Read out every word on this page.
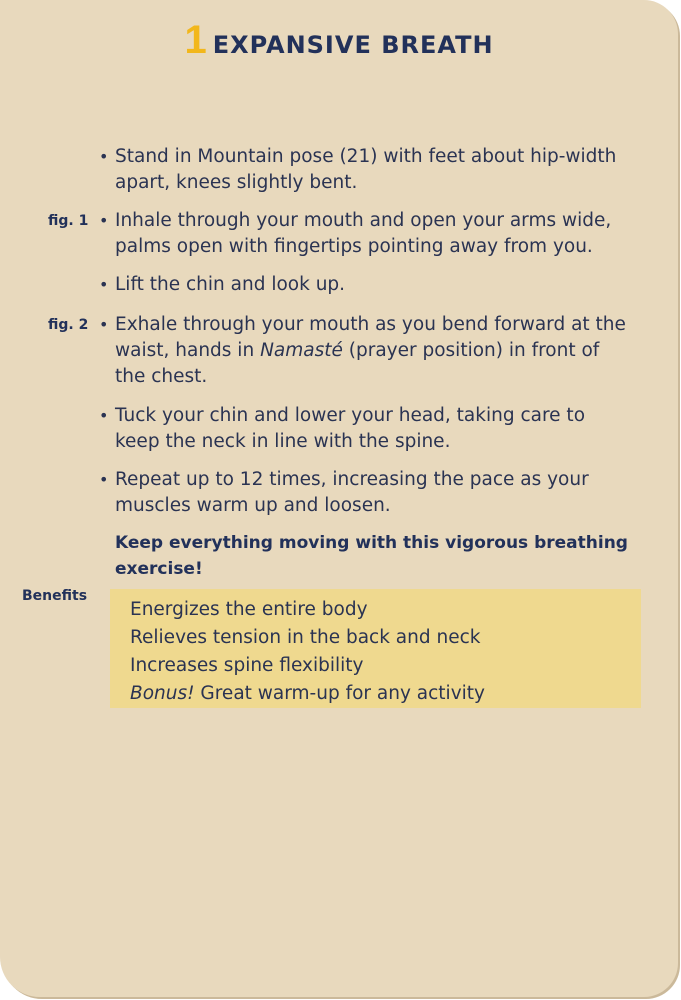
1 EXPANSIVE BREATH
• Stand in Mountain pose (21) with feet about hip-width apart, knees slightly bent.
fig. 1 • Inhale through your mouth and open your arms wide, palms open with fingertips pointing away from you.
• Lift the chin and look up.
fig. 2 • Exhale through your mouth as you bend forward at the waist, hands in Namasté (prayer position) in front of the chest.
• Tuck your chin and lower your head, taking care to keep the neck in line with the spine.
• Repeat up to 12 times, increasing the pace as your muscles warm up and loosen.
Keep everything moving with this vigorous breathing exercise!
Benefits
Energizes the entire body
Relieves tension in the back and neck
Increases spine flexibility
Bonus! Great warm-up for any activity
